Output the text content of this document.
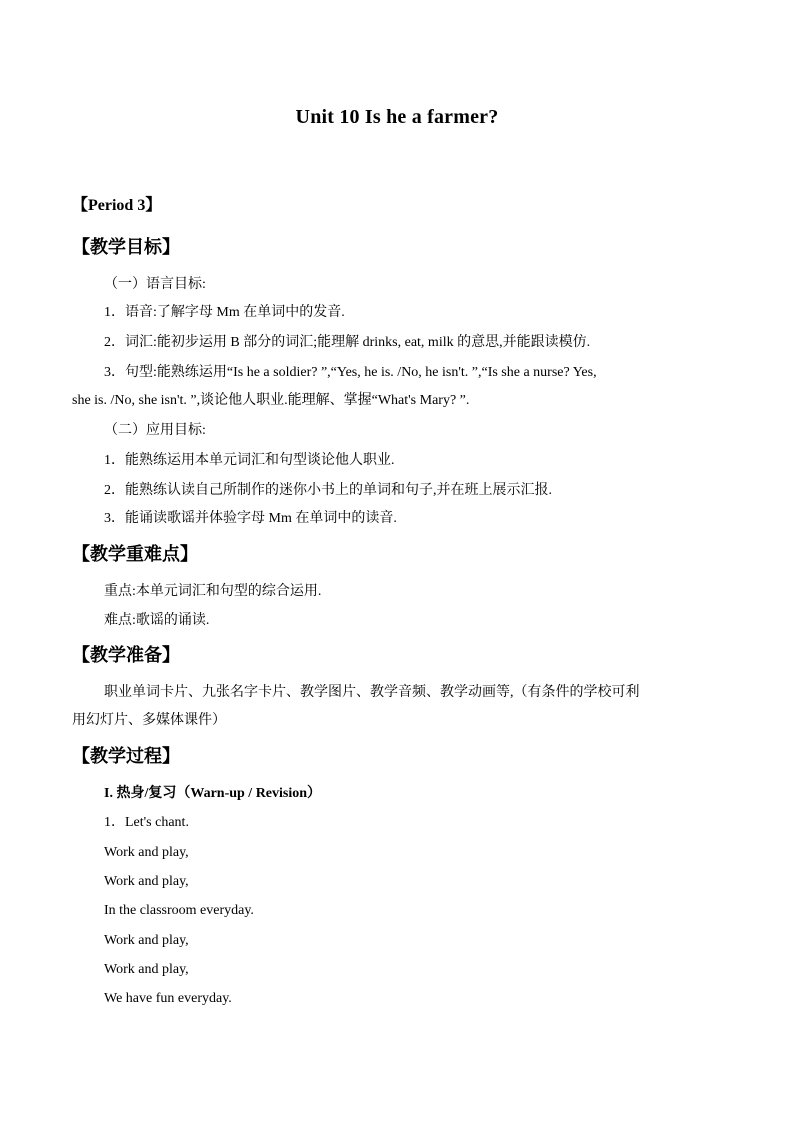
Unit 10 Is he a farmer?
【Period 3】
【教学目标】
（一）语言目标:
1．语音:了解字母 Mm 在单词中的发音.
2．词汇:能初步运用 B 部分的词汇;能理解 drinks, eat, milk 的意思,并能跟读模仿.
3．句型:能熟练运用“Is he a soldier? ”,“Yes, he is. /No, he isn't. ”,“Is she a nurse? Yes,
she is. /No, she isn't. ”,谈论他人职业.能理解、掌握“What's Mary? ”.
（二）应用目标:
1．能熟练运用本单元词汇和句型谈论他人职业.
2．能熟练认读自己所制作的迷你小书上的单词和句子,并在班上展示汇报.
3．能诵读歌谣并体验字母 Mm 在单词中的读音.
【教学重难点】
重点:本单元词汇和句型的综合运用.
难点:歌谣的诵读.
【教学准备】
职业单词卡片、九张名字卡片、教学图片、教学音频、教学动画等,（有条件的学校可利
用幻灯片、多媒体课件）
【教学过程】
I. 热身/复习（Warn-up / Revision）
1．Let's chant.
Work and play,
Work and play,
In the classroom everyday.
Work and play,
Work and play,
We have fun everyday.
